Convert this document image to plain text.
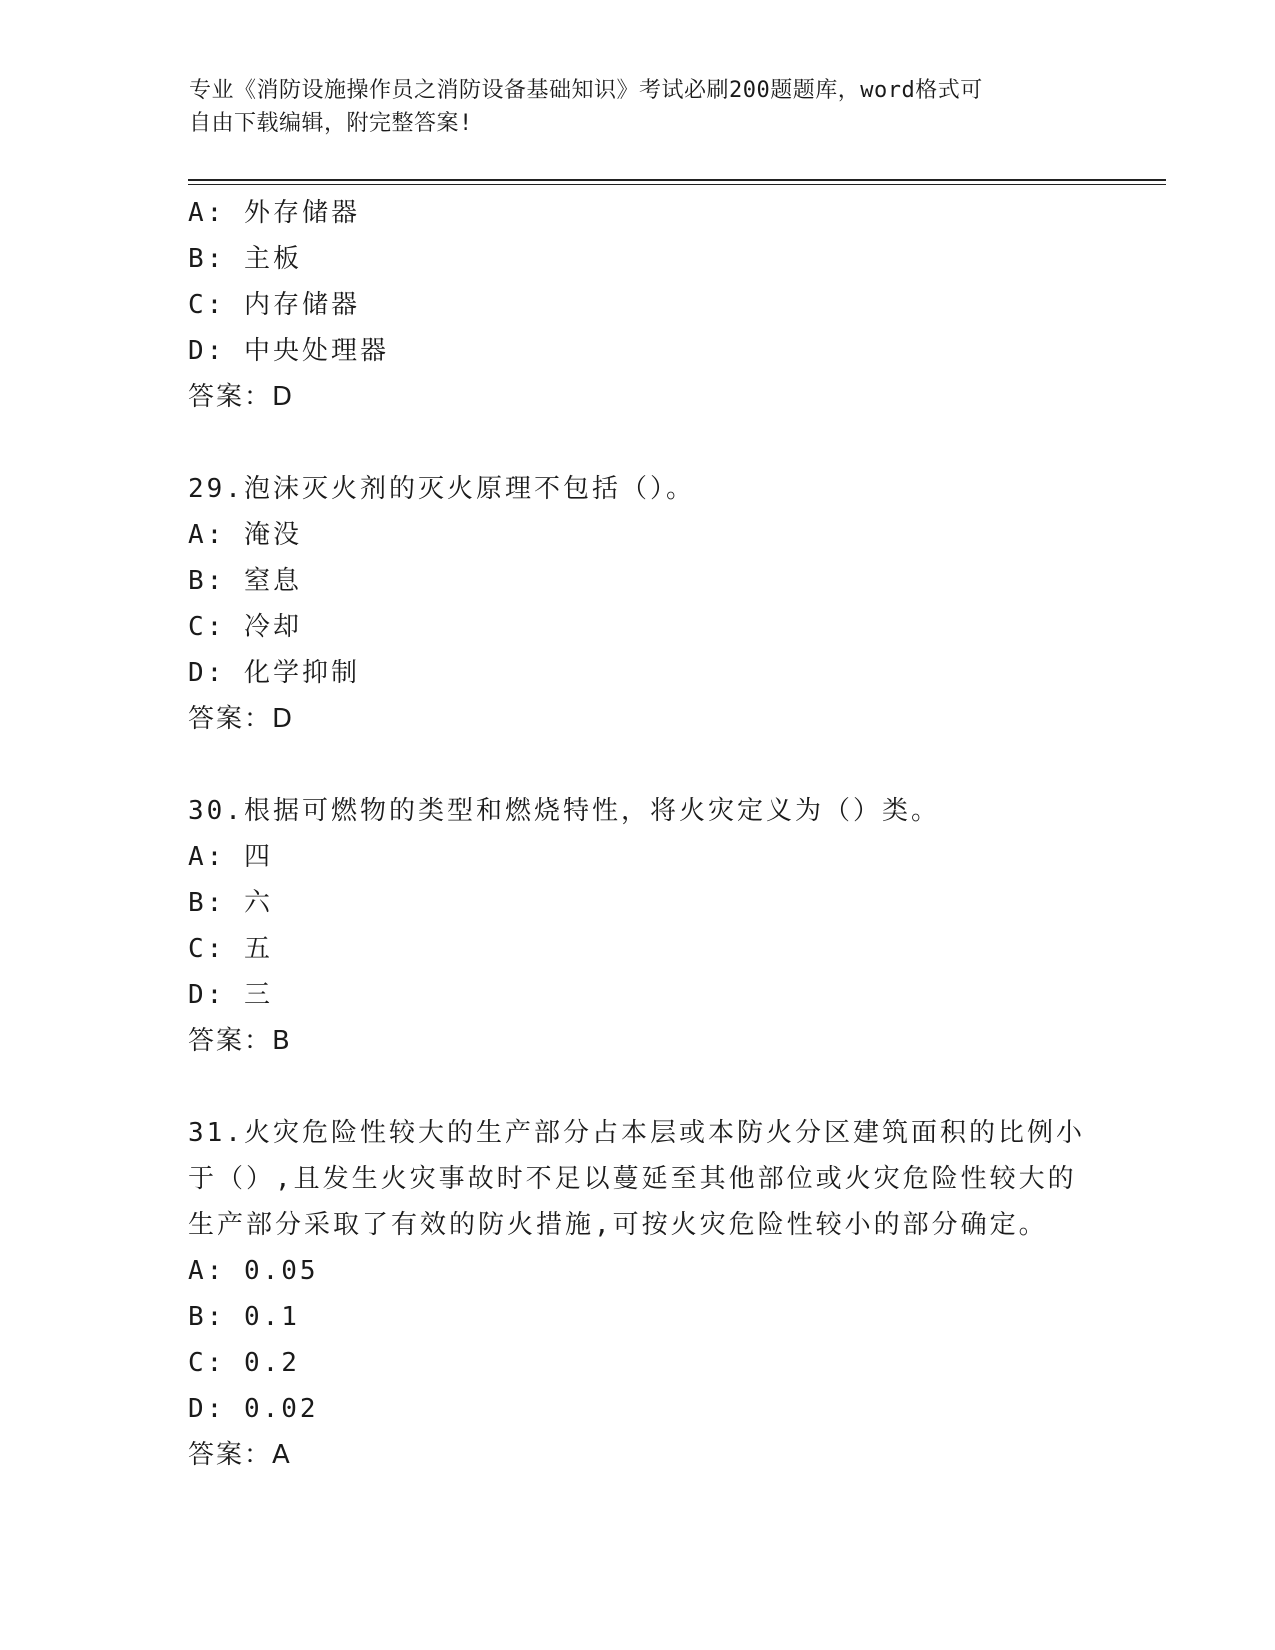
专业《消防设施操作员之消防设备基础知识》考试必刷200题题库，word格式可
自由下载编辑，附完整答案!
A: 外存储器
B: 主板
C: 内存储器
D: 中央处理器
答案：D
29.泡沫灭火剂的灭火原理不包括（）。
A: 淹没
B: 窒息
C: 冷却
D: 化学抑制
答案：D
30.根据可燃物的类型和燃烧特性，将火灾定义为（）类。
A: 四
B: 六
C: 五
D: 三
答案：B
31.火灾危险性较大的生产部分占本层或本防火分区建筑面积的比例小
于（）,且发生火灾事故时不足以蔓延至其他部位或火灾危险性较大的
生产部分采取了有效的防火措施,可按火灾危险性较小的部分确定。
A: 0.05
B: 0.1
C: 0.2
D: 0.02
答案：A
